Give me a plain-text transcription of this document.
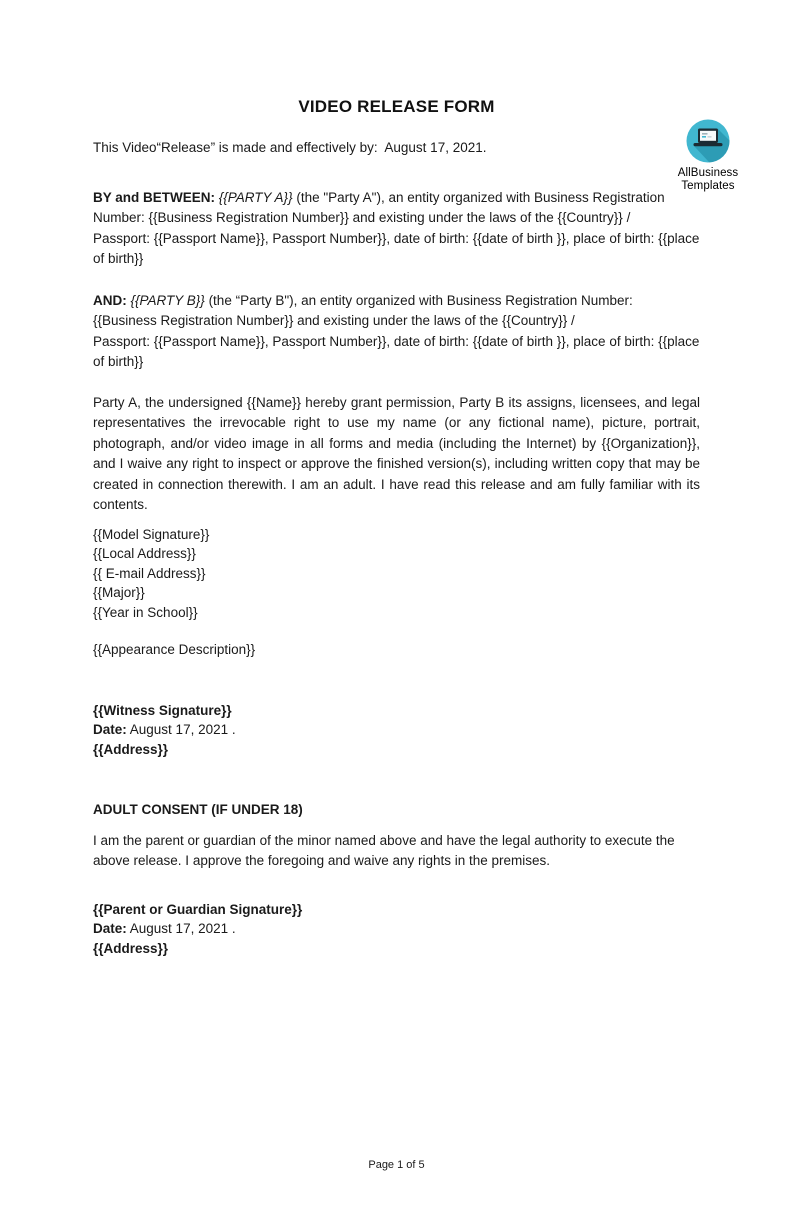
AllBusiness
Templates
VIDEO RELEASE FORM

This Video“Release” is made and effectively by:  August 17, 2021.

BY and BETWEEN: {{PARTY A}} (the "Party A"), an entity organized with Business Registration Number: {{Business Registration Number}} and existing under the laws of the {{Country}} /
Passport: {{Passport Name}}, Passport Number}}, date of birth: {{date of birth }}, place of birth: {{place of birth}}

AND: {{PARTY B}} (the “Party B"), an entity organized with Business Registration Number: {{Business Registration Number}} and existing under the laws of the {{Country}} /
Passport: {{Passport Name}}, Passport Number}}, date of birth: {{date of birth }}, place of birth: {{place of birth}}

Party A, the undersigned {{Name}} hereby grant permission, Party B its assigns, licensees, and legal representatives the irrevocable right to use my name (or any fictional name), picture, portrait, photograph, and/or video image in all forms and media (including the Internet) by {{Organization}}, and I waive any right to inspect or approve the finished version(s), including written copy that may be created in connection therewith. I am an adult. I have read this release and am fully familiar with its contents.

{{Model Signature}}
{{Local Address}}
{{ E-mail Address}}
{{Major}}
{{Year in School}}

{{Appearance Description}}

{{Witness Signature}}
Date: August 17, 2021 .
{{Address}}

ADULT CONSENT (IF UNDER 18)

I am the parent or guardian of the minor named above and have the legal authority to execute the above release. I approve the foregoing and waive any rights in the premises.

{{Parent or Guardian Signature}}
Date: August 17, 2021 .
{{Address}}
Page 1 of 5
